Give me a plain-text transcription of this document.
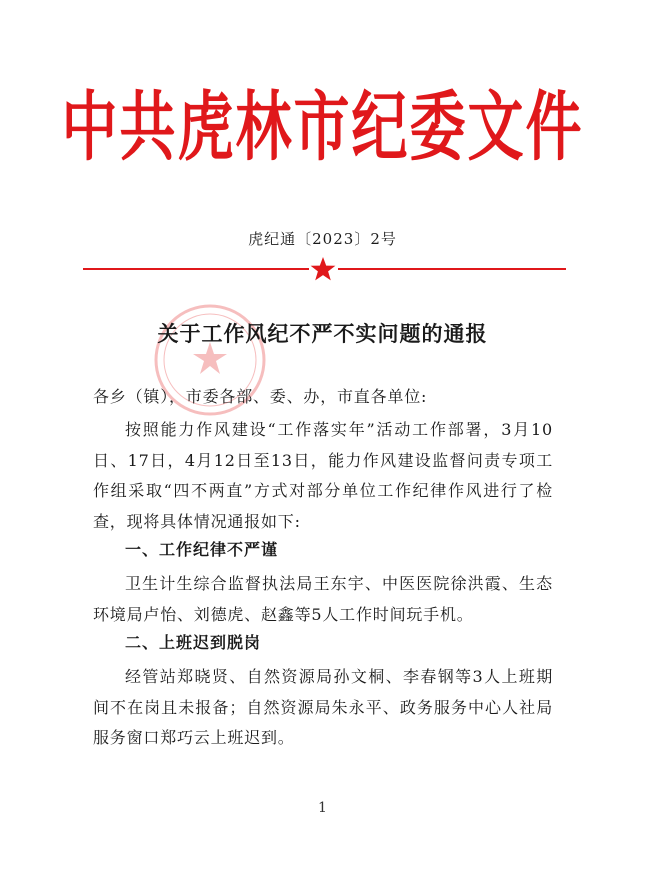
中共虎林市纪委文件
虎纪通〔2023〕2号
关于工作风纪不严不实问题的通报
各乡（镇），市委各部、委、办，市直各单位:
按照能力作风建设“工作落实年”活动工作部署，3月10日、17日，4月12日至13日，能力作风建设监督问责专项工作组采取“四不两直”方式对部分单位工作纪律作风进行了检查，现将具体情况通报如下:
一、工作纪律不严谨
卫生计生综合监督执法局王东宇、中医医院徐洪霞、生态环境局卢怡、刘德虎、赵鑫等5人工作时间玩手机。
二、上班迟到脱岗
经管站郑晓贤、自然资源局孙文桐、李春钢等3人上班期间不在岗且未报备；自然资源局朱永平、政务服务中心人社局服务窗口郑巧云上班迟到。
1
